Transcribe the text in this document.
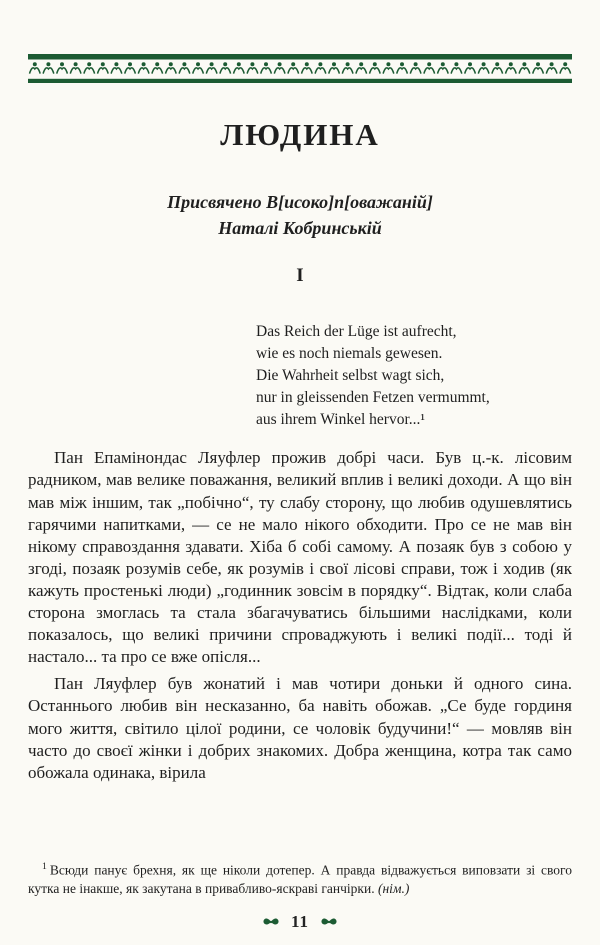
ЛЮДИНА
Присвячено В[исоко]п[оважаній]
Наталі Кобринській
I
Das Reich der Lüge ist aufrecht,
wie es noch niemals gewesen.
Die Wahrheit selbst wagt sich,
nur in gleissenden Fetzen vermummt,
aus ihrem Winkel hervor...¹

Пан Епамінондас Ляуфлер прожив добрі часи. Був ц.-к. лісовим радником, мав велике поважання, великий вплив і великі доходи. А що він мав між іншим, так „побічно“, ту слабу сторону, що любив одушевлятись гарячими напитками, — се не мало нікого обходити. Про се не мав він нікому справоздання здавати. Хіба б собі самому. А позаяк був з собою у згоді, позаяк розумів себе, як розумів і свої лісові справи, тож і ходив (як кажуть простенькі люди) „годинник зовсім в порядку“. Відтак, коли слаба сторона змоглась та стала збагачуватись більшими наслідками, коли показалось, що великі причини спроваджують і великі події... тоді й настало... та про се вже опісля...

Пан Ляуфлер був жонатий і мав чотири доньки й одного сина. Останнього любив він несказанно, ба навіть обожав. „Се буде гординя мого життя, світило цілої родини, се чоловік будучини!“ — мовляв він часто до своєї жінки і добрих знакомих. Добра женщина, котра так само обожала одинака, вірила

$^1$ Всюди панує брехня, як ще ніколи дотепер. А правда відважується виповзати зі свого кутка не інакше, як закутана в привабливо-яскраві ганчірки. (нім.)

11
